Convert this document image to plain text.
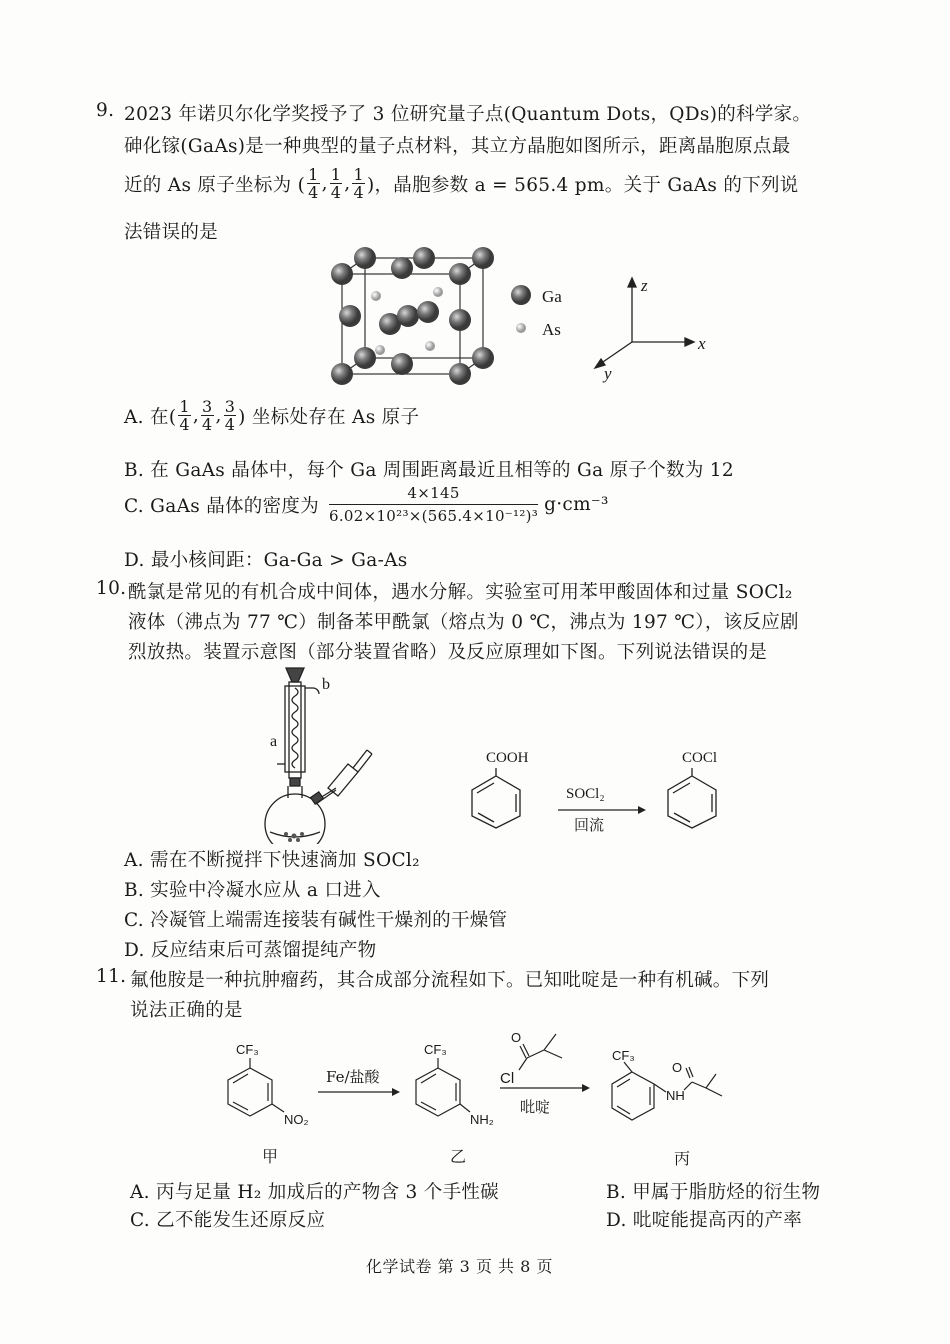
9. 2023 年诺贝尔化学奖授予了 3 位研究量子点(Quantum Dots，QDs)的科学家。
砷化镓(GaAs)是一种典型的量子点材料，其立方晶胞如图所示，距离晶胞原点最
近的 As 原子坐标为 ( $\frac{1}{4}$ , $\frac{1}{4}$ , $\frac{1}{4}$ )，晶胞参数 a = 565.4 pm。关于 GaAs 的下列说
法错误的是
Ga
As
z
x
y
A. 在( $\frac{1}{4}$ , $\frac{3}{4}$ , $\frac{3}{4}$ ) 坐标处存在 As 原子
B. 在 GaAs 晶体中，每个 Ga 周围距离最近且相等的 Ga 原子个数为 12
C. GaAs 晶体的密度为 $\frac{4\times 145}{\text{6.02×10²³×(565.4×10⁻¹²)³}} g\cdot cm^{-3}$
D. 最小核间距：Ga-Ga > Ga-As
10. 酰氯是常见的有机合成中间体，遇水分解。实验室可用苯甲酸固体和过量 SOCl₂
液体（沸点为 77 ℃）制备苯甲酰氯（熔点为 0 ℃，沸点为 197 ℃），该反应剧
烈放热。装置示意图（部分装置省略）及反应原理如下图。下列说法错误的是
a
b
COOH
SOCl₂
回流
COCl
A. 需在不断搅拌下快速滴加 SOCl₂
B. 实验中冷凝水应从 a 口进入
C. 冷凝管上端需连接装有碱性干燥剂的干燥管
D. 反应结束后可蒸馏提纯产物
11. 氟他胺是一种抗肿瘤药，其合成部分流程如下。已知吡啶是一种有机碱。下列
说法正确的是
CF₃
NO₂
甲
Fe/盐酸
CF₃
NH₂
乙
O
Cl
吡啶
CF₃
O
NH
丙
A. 丙与足量 H₂ 加成后的产物含 3 个手性碳	B. 甲属于脂肪烃的衍生物
C. 乙不能发生还原反应	D. 吡啶能提高丙的产率
化学试卷 第 3 页 共 8 页
